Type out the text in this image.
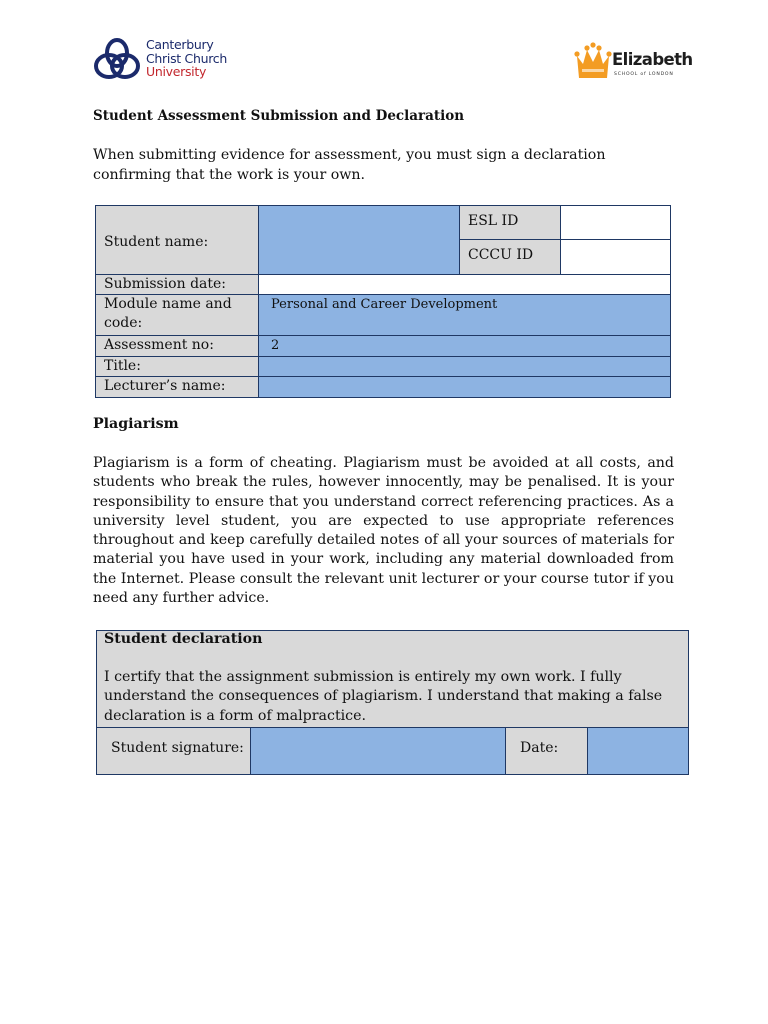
Canterbury
Christ Church
University
Elizabeth
SCHOOL of LONDON
Student Assessment Submission and Declaration
When submitting evidence for assessment, you must sign a declaration confirming that the work is your own.
Student name:
ESL ID
CCCU ID
Submission date:
Module name and
code:
Personal and Career Development
Assessment no:	2
Title:
Lecturer’s name:
Plagiarism
Plagiarism is a form of cheating. Plagiarism must be avoided at all costs, and students who break the rules, however innocently, may be penalised. It is your responsibility to ensure that you understand correct referencing practices. As a university level student, you are expected to use appropriate references throughout and keep carefully detailed notes of all your sources of materials for material you have used in your work, including any material downloaded from the Internet. Please consult the relevant unit lecturer or your course tutor if you need any further advice.
Student declaration
I certify that the assignment submission is entirely my own work. I fully understand the consequences of plagiarism. I understand that making a false declaration is a form of malpractice.
Student signature:	Date:
